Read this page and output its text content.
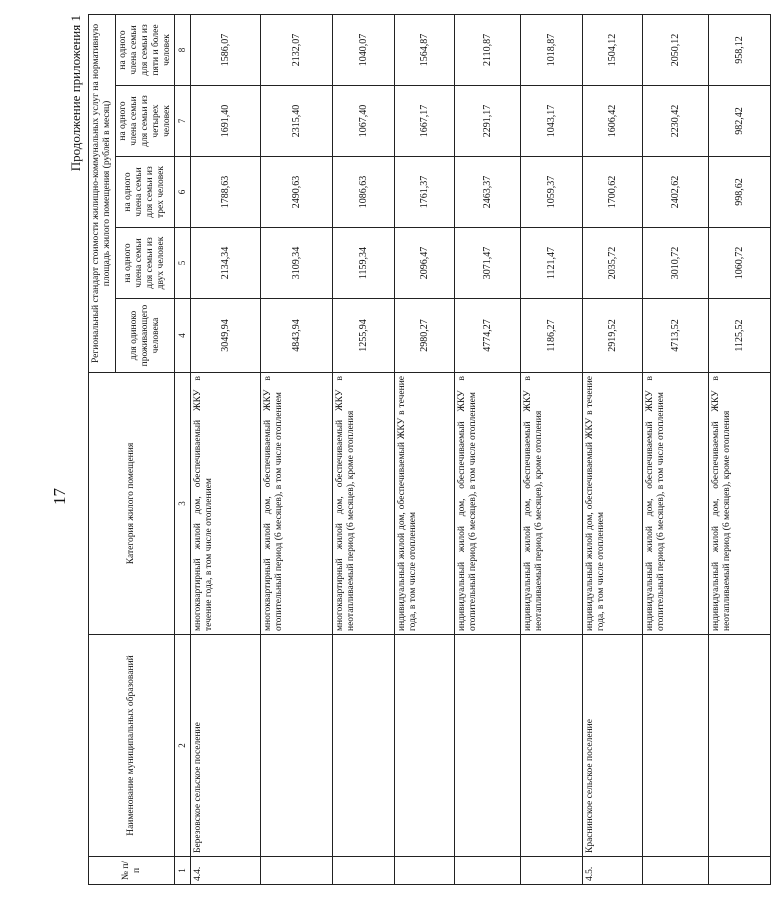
17
Продолжение приложения 1
№ п/п	Наименование муниципальных образований	Категория жилого помещения	Региональный стандарт стоимости жилищно-коммунальных услуг на нормативную площадь жилого помещения (рублей в месяц)				
			для одиноко проживающего человека	на одного члена семьи для семьи из двух человек	на одного члена семьи для семьи из трех человек	на одного члена семьи для семьи из четырех человек	на одного члена семьи для семьи из пяти и более человек
1	2	3	4	5	6	7	8
4.4.	Березовское сельское поселение	многоквартирный жилой дом, обеспечиваемый ЖКУ в течение года, в том числе отоплением	3049,94	2134,34	1788,63	1691,40	1586,07
		многоквартирный жилой дом, обеспечиваемый ЖКУ в отопительный период (6 месяцев), в том числе отоплением	4843,94	3109,34	2490,63	2315,40	2132,07
		многоквартирный жилой дом, обеспечиваемый ЖКУ в неотапливаемый период (6 месяцев), кроме отопления	1255,94	1159,34	1086,63	1067,40	1040,07
		индивидуальный жилой дом, обеспечиваемый ЖКУ в течение года, в том числе отоплением	2980,27	2096,47	1761,37	1667,17	1564,87
		индивидуальный жилой дом, обеспечиваемый ЖКУ в отопительный период (6 месяцев), в том числе отоплением	4774,27	3071,47	2463,37	2291,17	2110,87
		индивидуальный жилой дом, обеспечиваемый ЖКУ в неотапливаемый период (6 месяцев), кроме отопления	1186,27	1121,47	1059,37	1043,17	1018,87
4.5.	Краснинское сельское поселение	индивидуальный жилой дом, обеспечиваемый ЖКУ в течение года, в том числе отоплением	2919,52	2035,72	1700,62	1606,42	1504,12
		индивидуальный жилой дом, обеспечиваемый ЖКУ в отопительный период (6 месяцев), в том числе отоплением	4713,52	3010,72	2402,62	2230,42	2050,12
		индивидуальный жилой дом, обеспечиваемый ЖКУ в неотапливаемый период (6 месяцев), кроме отопления	1125,52	1060,72	998,62	982,42	958,12
